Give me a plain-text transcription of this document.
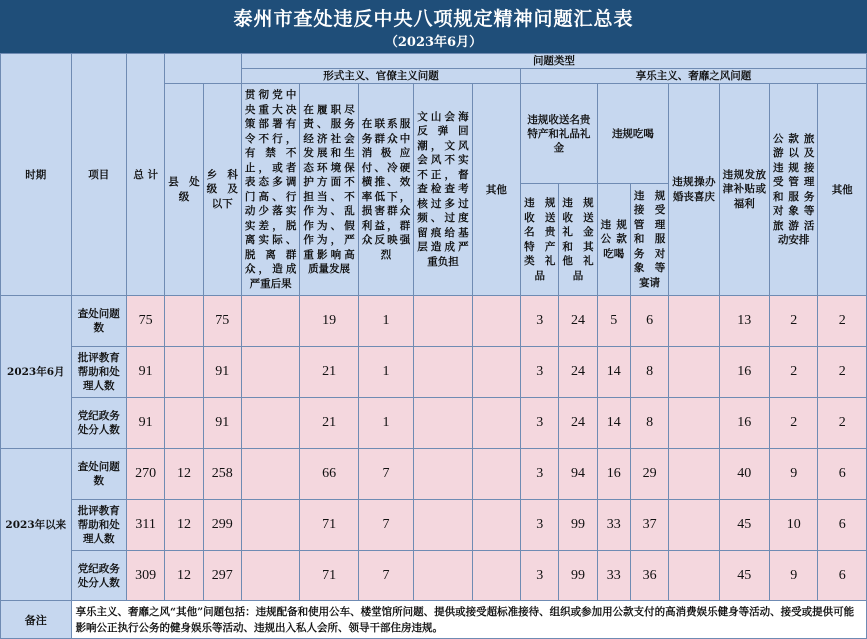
泰州市查处违反中央八项规定精神问题汇总表
（2023年6月）
时期	项目	总 计			问题类型												
					形式主义、官僚主义问题					享乐主义、奢靡之风问题							
			县处级	乡科级及以下	贯彻党中央重大决策部署有令不行，有禁不止，或者表态多调门高、行动少落实实差，脱离实际、脱离群众，造成严重后果	在履职尽责、服务经济社会发展和生态环境保护方面不担当、不作为、乱作为、假作为，严重影响高质量发展	在联系服务群众中消极应付、冷硬横推、效率低下，损害群众利益，群众反映强烈	文山会海反弹回潮，文风会风不实不正，督查检查考核过多过频、过度留痕给基层造成严重负担	其他	违规收送名贵特产和礼品礼金		违规吃喝		违规操办婚丧喜庆	违规发放津补贴或福利	公款旅游以及违规接受管理和服务对象等旅游活动安排	其他
										违规收送名贵特产类礼品	违规收送礼金和其他礼品	违规公款吃喝	违规接受管理和服务对象等宴请				
2023年6月	查处问题数	75		75		19	1			3	24	5	6		13	2	2
	批评教育帮助和处理人数	91		91		21	1			3	24	14	8		16	2	2
	党纪政务处分人数	91		91		21	1			3	24	14	8		16	2	2
2023年以来	查处问题数	270	12	258		66	7			3	94	16	29		40	9	6
	批评教育帮助和处理人数	311	12	299		71	7			3	99	33	37		45	10	6
	党纪政务处分人数	309	12	297		71	7			3	99	33	36		45	9	6
备注	享乐主义、奢靡之风“其他”问题包括：违规配备和使用公车、楼堂馆所问题、提供或接受超标准接待、组织或参加用公款支付的高消费娱乐健身等活动、接受或提供可能影响公正执行公务的健身娱乐等活动、违规出入私人会所、领导干部住房违规。																
